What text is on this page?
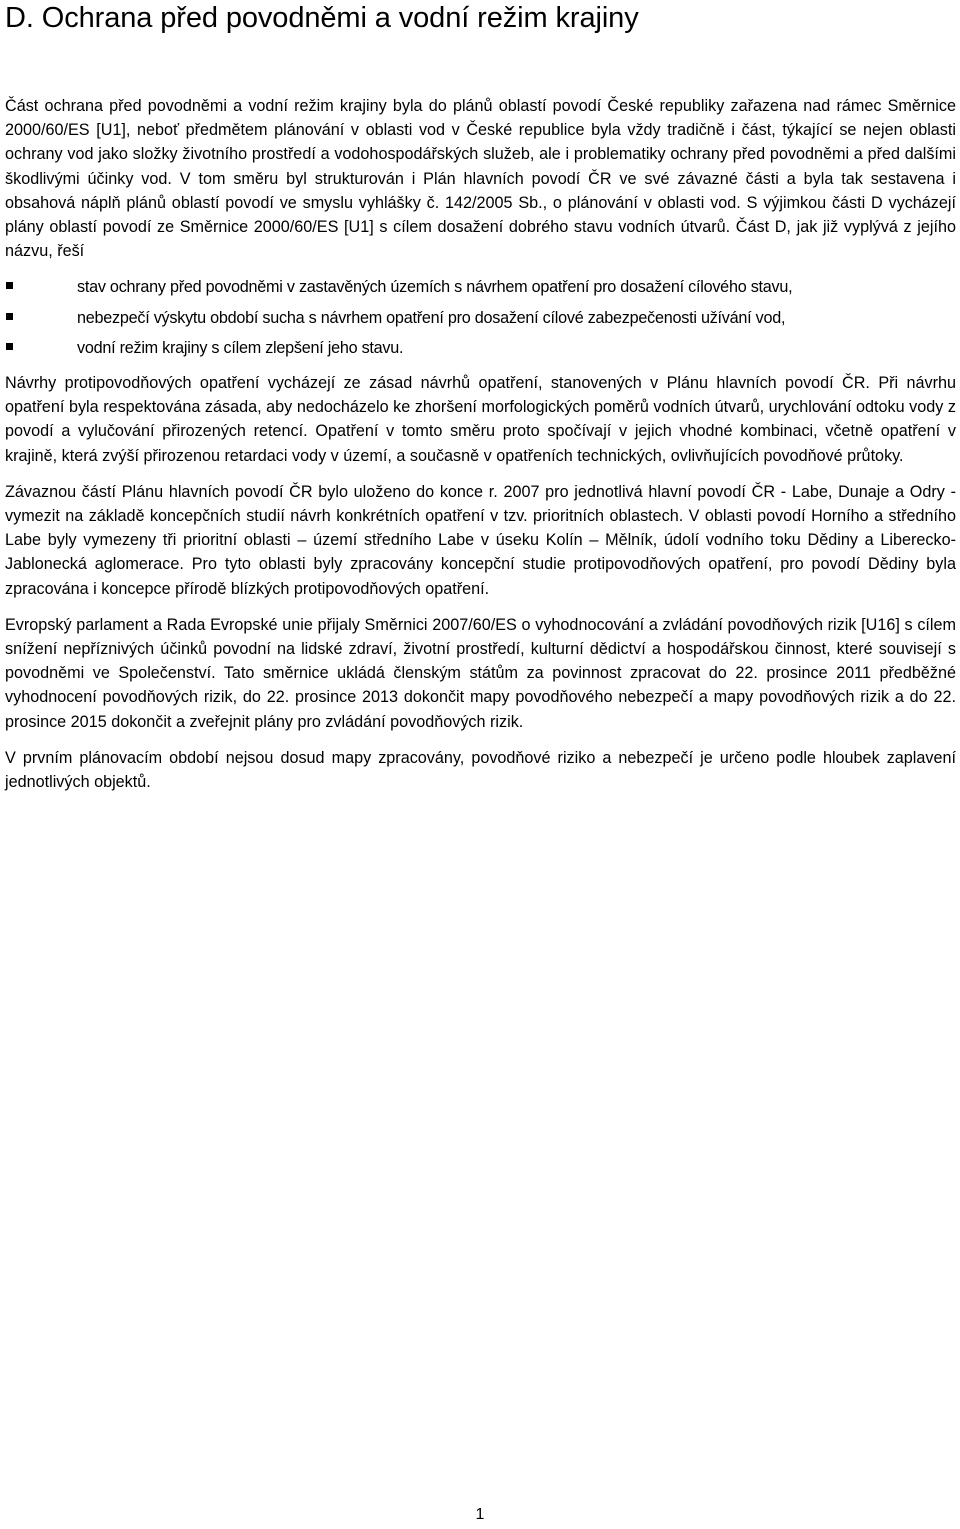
D. Ochrana před povodněmi a vodní režim krajiny

Část ochrana před povodněmi a vodní režim krajiny byla do plánů oblastí povodí České republiky zařazena nad rámec Směrnice 2000/60/ES [U1], neboť předmětem plánování v oblasti vod v České republice byla vždy tradičně i část, týkající se nejen oblasti ochrany vod jako složky životního prostředí a vodohospodářských služeb, ale i problematiky ochrany před povodněmi a před dalšími škodlivými účinky vod. V tom směru byl strukturován i Plán hlavních povodí ČR ve své závazné části a byla tak sestavena i obsahová náplň plánů oblastí povodí ve smyslu vyhlášky č. 142/2005 Sb., o plánování v oblasti vod. S výjimkou části D vycházejí plány oblastí povodí ze Směrnice 2000/60/ES [U1] s cílem dosažení dobrého stavu vodních útvarů. Část D, jak již vyplývá z jejího názvu, řeší

stav ochrany před povodněmi v zastavěných územích s návrhem opatření pro dosažení cílového stavu,
nebezpečí výskytu období sucha s návrhem opatření pro dosažení cílové zabezpečenosti užívání vod,
vodní režim krajiny s cílem zlepšení jeho stavu.

Návrhy protipovodňových opatření vycházejí ze zásad návrhů opatření, stanovených v Plánu hlavních povodí ČR. Při návrhu opatření byla respektována zásada, aby nedocházelo ke zhoršení morfologických poměrů vodních útvarů, urychlování odtoku vody z povodí a vylučování přirozených retencí. Opatření v tomto směru proto spočívají v jejich vhodné kombinaci, včetně opatření v krajině, která zvýší přirozenou retardaci vody v území, a současně v opatřeních technických, ovlivňujících povodňové průtoky.

Závaznou částí Plánu hlavních povodí ČR bylo uloženo do konce r. 2007 pro jednotlivá hlavní povodí ČR - Labe, Dunaje a Odry - vymezit na základě koncepčních studií návrh konkrétních opatření v tzv. prioritních oblastech. V oblasti povodí Horního a středního Labe byly vymezeny tři prioritní oblasti – území středního Labe v úseku Kolín – Mělník, údolí vodního toku Dědiny a Liberecko-Jablonecká aglomerace. Pro tyto oblasti byly zpracovány koncepční studie protipovodňových opatření, pro povodí Dědiny byla zpracována i koncepce přírodě blízkých protipovodňových opatření.

Evropský parlament a Rada Evropské unie přijaly Směrnici 2007/60/ES o vyhodnocování a zvládání povodňových rizik [U16] s cílem snížení nepříznivých účinků povodní na lidské zdraví, životní prostředí, kulturní dědictví a hospodářskou činnost, které souvisejí s povodněmi ve Společenství. Tato směrnice ukládá členským státům za povinnost zpracovat do 22. prosince 2011 předběžné vyhodnocení povodňových rizik, do 22. prosince 2013 dokončit mapy povodňového nebezpečí a mapy povodňových rizik a do 22. prosince 2015 dokončit a zveřejnit plány pro zvládání povodňových rizik.

V prvním plánovacím období nejsou dosud mapy zpracovány, povodňové riziko a nebezpečí je určeno podle hloubek zaplavení jednotlivých objektů.

1
